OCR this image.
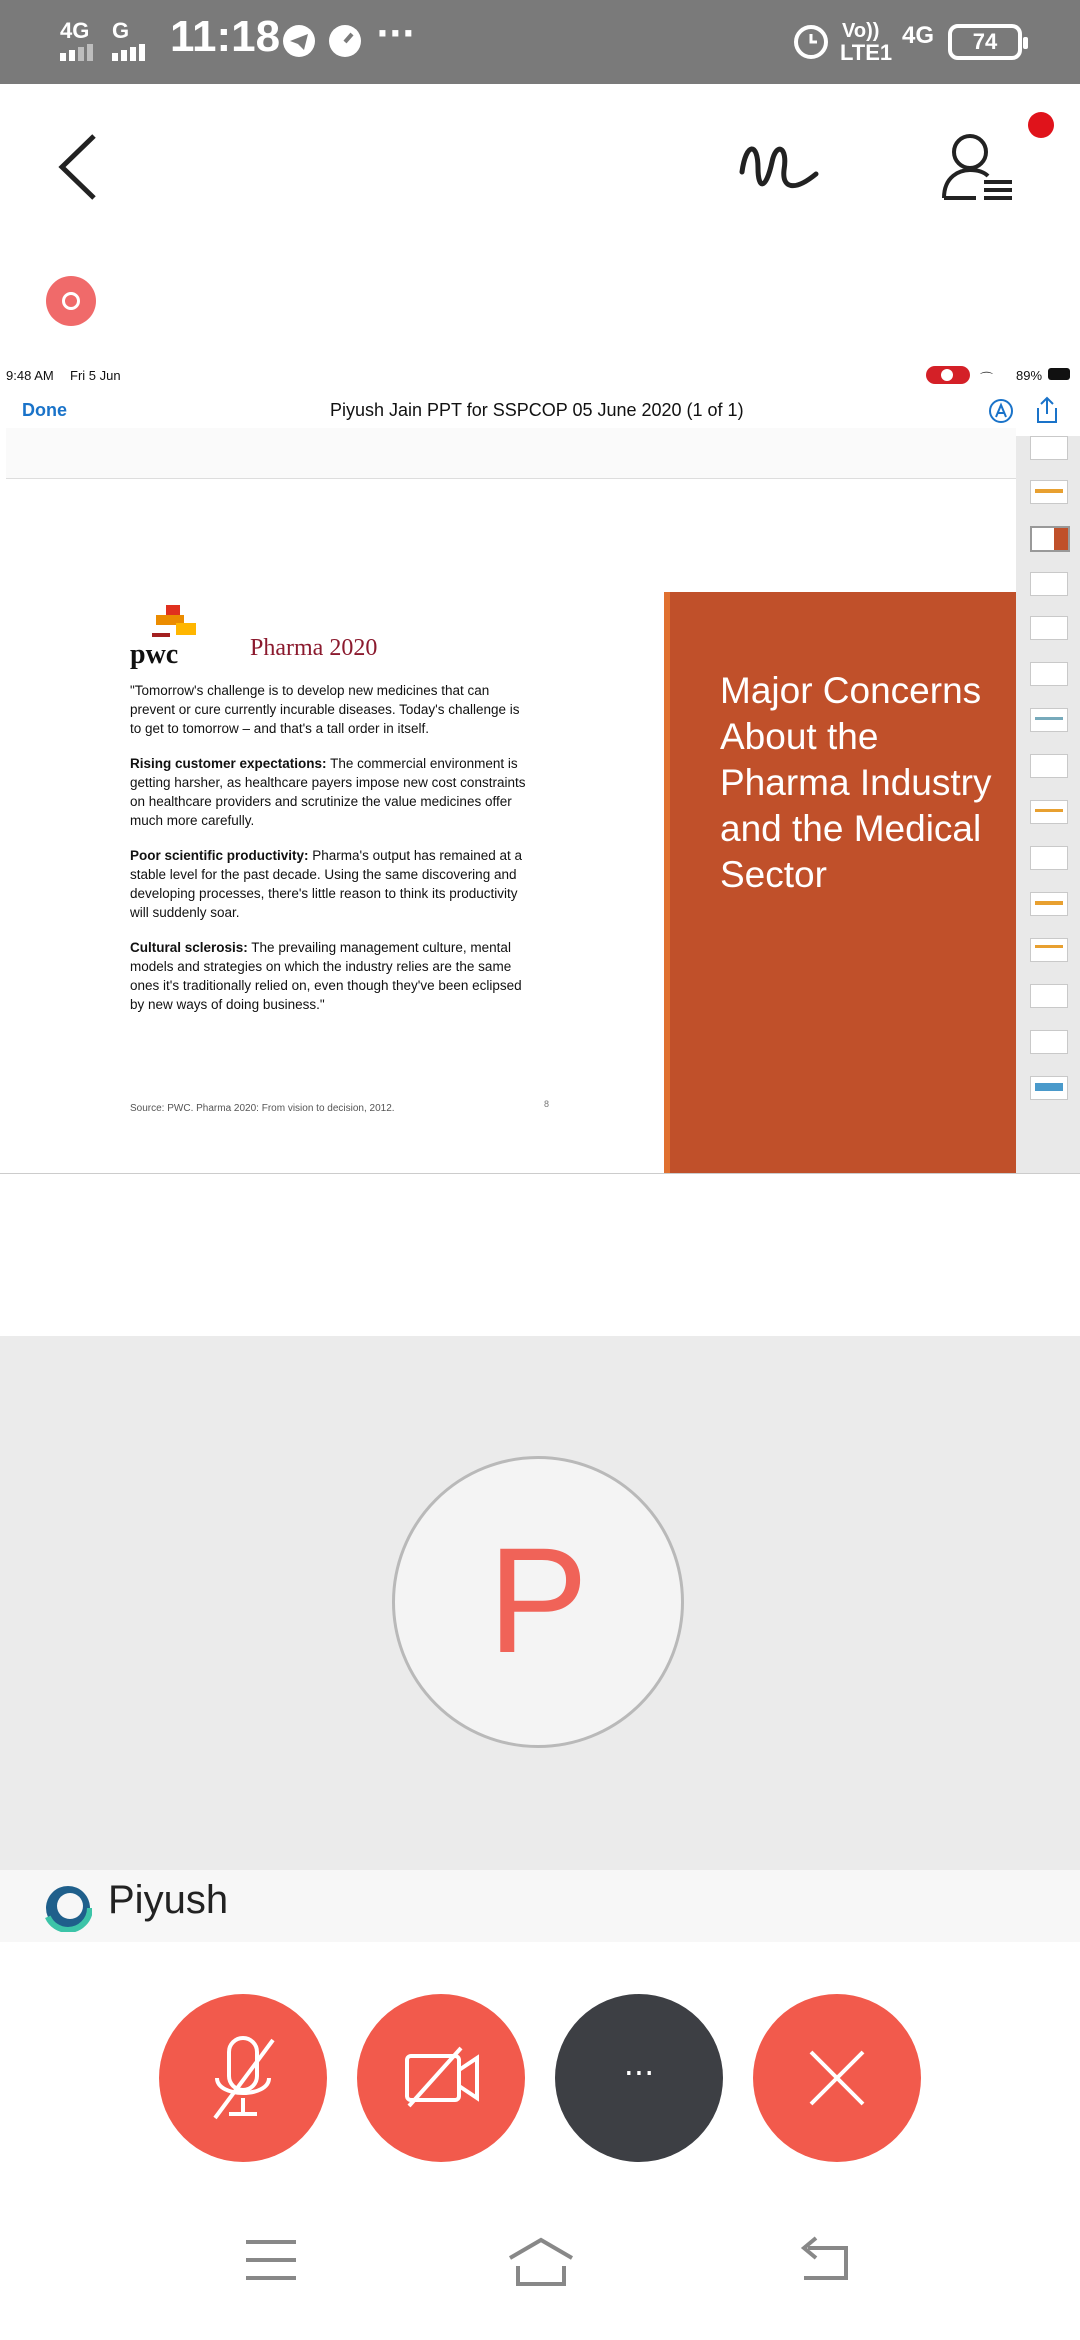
4G G 11:18	···	Vo))
LTE1
4G	74
9:48 AM Fri 5 Jun	⌒ 89%
Done	Piyush Jain PPT for SSPCOP 05 June 2020 (1 of 1)
pwc	Pharma 2020

"Tomorrow's challenge is to develop new medicines that can prevent or cure currently incurable diseases. Today's challenge is to get to tomorrow – and that's a tall order in itself.

Rising customer expectations: The commercial environment is getting harsher, as healthcare payers impose new cost constraints on healthcare providers and scrutinize the value medicines offer much more carefully.

Poor scientific productivity: Pharma's output has remained at a stable level for the past decade. Using the same discovering and developing processes, there's little reason to think its productivity will suddenly soar.

Cultural sclerosis: The prevailing management culture, mental models and strategies on which the industry relies are the same ones it's traditionally relied on, even though they've been eclipsed by new ways of doing business."

Source: PWC. Pharma 2020: From vision to decision, 2012.	8
Major Concerns
About the
Pharma Industry
and the Medical
Sector
P
Piyush
···
